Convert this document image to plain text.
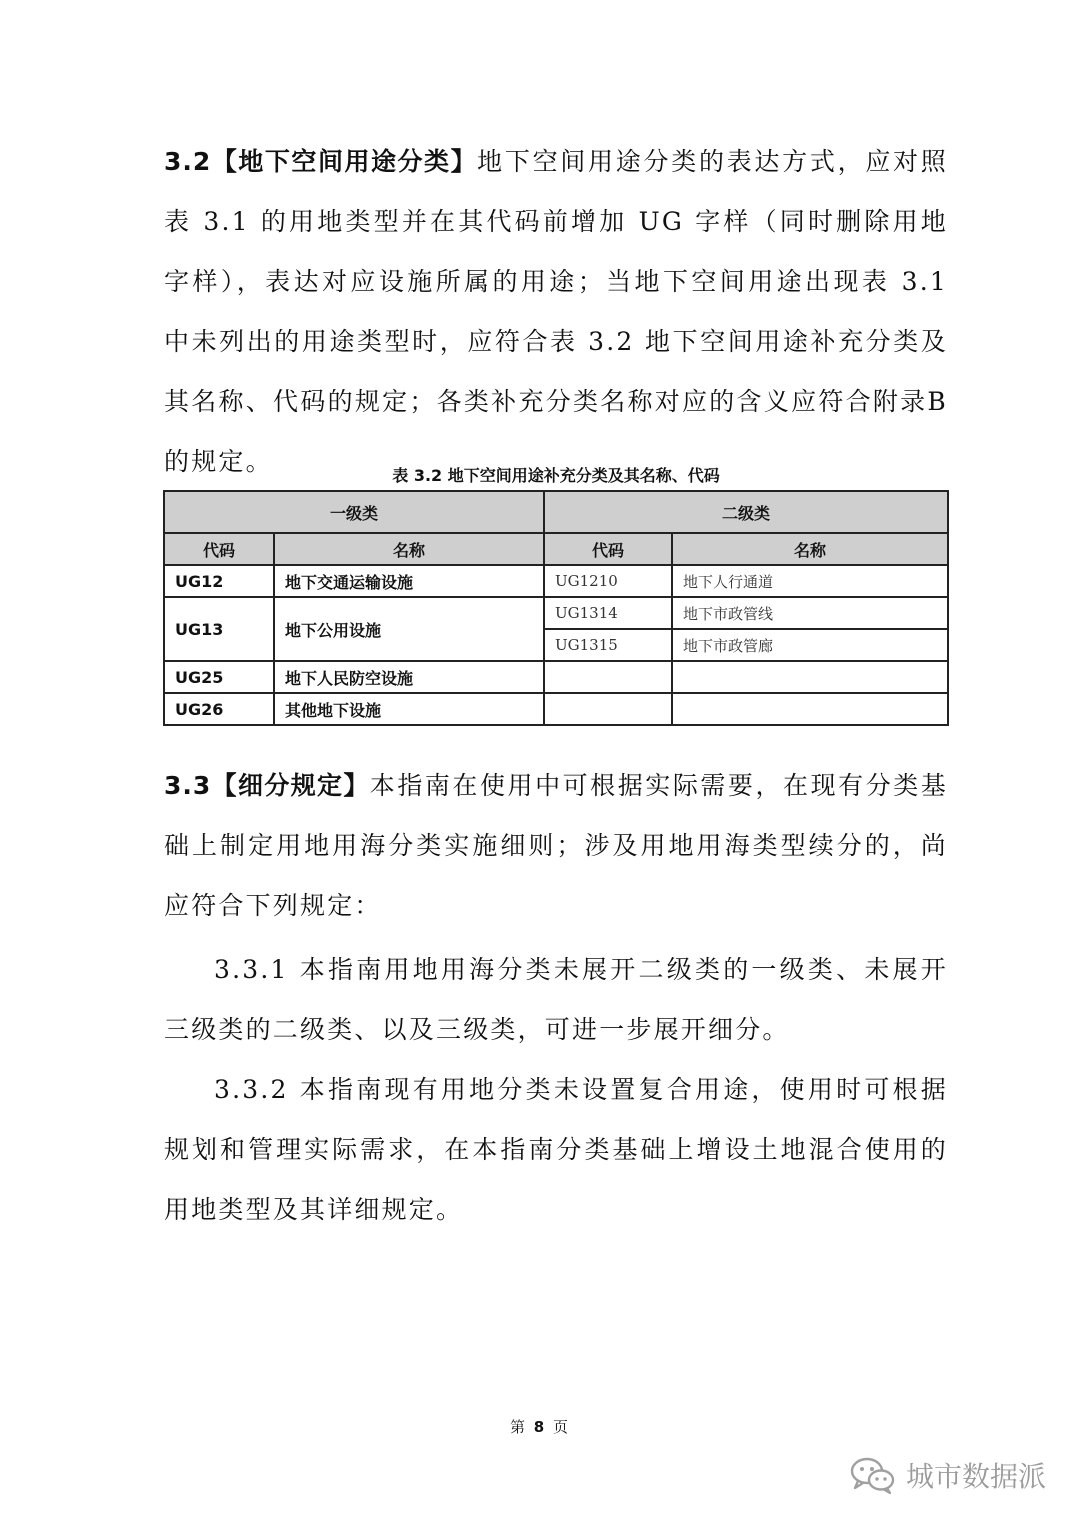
3.2【地下空间用途分类】地下空间用途分类的表达方式，应对照表 3.1 的用地类型并在其代码前增加 UG 字样（同时删除用地字样），表达对应设施所属的用途；当地下空间用途出现表 3.1 中未列出的用途类型时，应符合表 3.2 地下空间用途补充分类及其名称、代码的规定；各类补充分类名称对应的含义应符合附录B 的规定。	表 3.2 地下空间用途补充分类及其名称、代码
一级类		二级类	
代码	名称	代码	名称
UG12	地下交通运输设施	UG1210	地下人行通道
UG13	地下公用设施	UG1314	地下市政管线
		UG1315	地下市政管廊
UG25	地下人民防空设施		
UG26	其他地下设施		

3.3【细分规定】本指南在使用中可根据实际需要，在现有分类基础上制定用地用海分类实施细则；涉及用地用海类型续分的，尚应符合下列规定：

3.3.1 本指南用地用海分类未展开二级类的一级类、未展开三级类的二级类、以及三级类，可进一步展开细分。

3.3.2 本指南现有用地分类未设置复合用途，使用时可根据规划和管理实际需求，在本指南分类基础上增设土地混合使用的用地类型及其详细规定。

第 8 页
城市数据派
